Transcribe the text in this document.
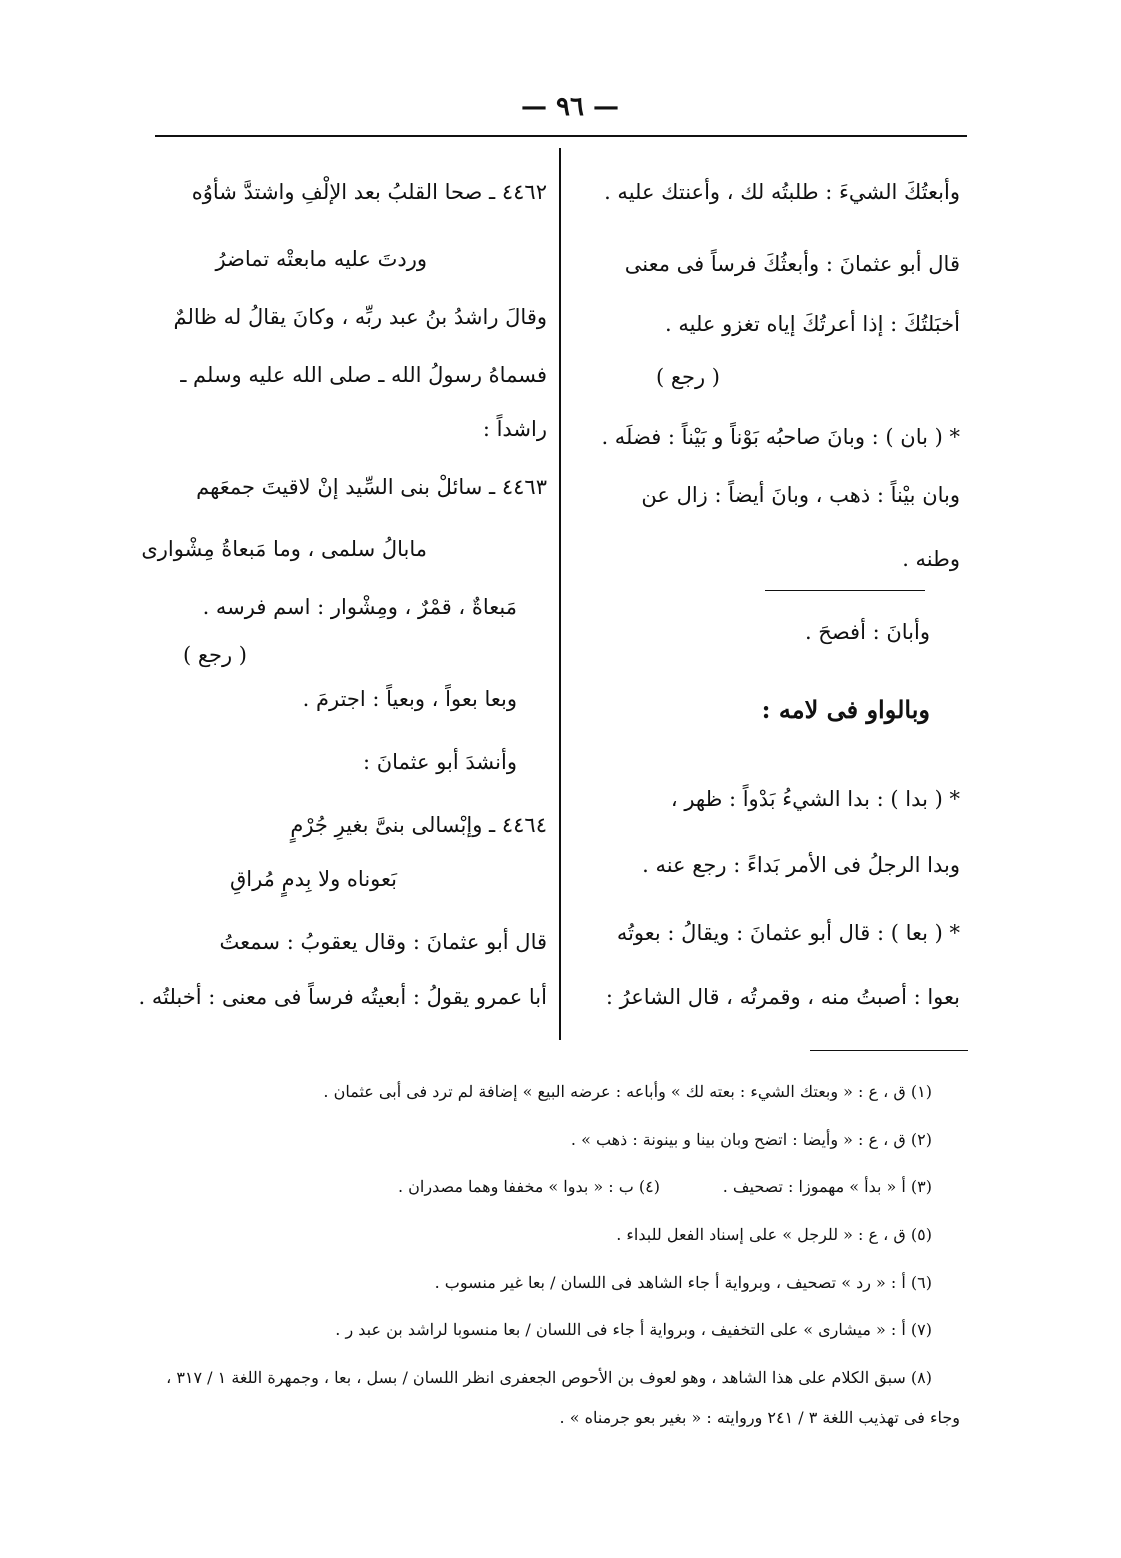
— ٩٦ —
وأبعتُكَ الشيءَ : طلبتُه لك ، وأعنتك عليه .
قال أبو عثمانَ : وأبعثُكَ فرساً فى معنى
أخبَلتُكَ : إذا أعرتُكَ إياه تغزو عليه .
( رجع )
* ( بان ) : وبانَ صاحبُه بَوْناً و بَيْناً : فضلَه .
وبان بيْناً : ذهب ، وبانَ أيضاً : زال عن
وطنه .
وأبانَ : أفصحَ .
وبالواو فى لامه :
* ( بدا ) : بدا الشيءُ بَدْواً : ظهر ،
وبدا الرجلُ فى الأمر بَداءً : رجع عنه .
* ( بعا ) : قال أبو عثمانَ : ويقالُ : بعوتُه
بعوا : أصبتُ منه ، وقمرتُه ، قال الشاعرُ :
٤٤٦٢ ـ صحا القلبُ بعد الإلْفِ واشتدَّ شأوُه
وردتَ عليه مابعتْه تماضرُ
وقالَ راشدُ بنُ عبد ربِّه ، وكانَ يقالُ له ظالمٌ
فسماهُ رسولُ الله ـ صلى الله عليه وسلم ـ
راشداً :
٤٤٦٣ ـ سائلْ بنى السِّيد إنْ لاقيتَ جمعَهم
مابالُ سلمى ، وما مَبعاةُ مِشْوارى
مَبعاةٌ ، قمْرٌ ، ومِشْوار : اسم فرسه .
( رجع )
وبعا بعواً ، وبعياً : اجترمَ .
وأنشدَ أبو عثمانَ :
٤٤٦٤ ـ وإبْسالى بنىَّ بغيرِ جُرْمٍ
بَعوناه ولا بِدمٍ مُراقِ
قال أبو عثمانَ : وقال يعقوبُ : سمعتُ
أبا عمرو يقولُ : أبعيتُه فرساً فى معنى : أخبلتُه .
(١) ق ، ع : « وبعتك الشيء : بعته لك » وأباعه : عرضه البيع » إضافة لم ترد فى أبى عثمان .
(٢) ق ، ع : « وأيضا : اتضح وبان بينا و بينونة : ذهب » .
(٤) ب : « بدوا » مخففا وهما مصدران .	(٣) أ « بدأ » مهموزا : تصحيف .
(٥) ق ، ع : « للرجل » على إسناد الفعل للبداء .
(٦) أ : « رد » تصحيف ، وبرواية أ جاء الشاهد فى اللسان / بعا غير منسوب .
(٧) أ : « ميشارى » على التخفيف ، وبرواية أ جاء فى اللسان / بعا منسوبا لراشد بن عبد ر .
(٨) سبق الكلام على هذا الشاهد ، وهو لعوف بن الأحوص الجعفرى انظر اللسان / بسل ، بعا ، وجمهرة اللغة ١ / ٣١٧ ،
وجاء فى تهذيب اللغة ٣ / ٢٤١ وروايته : « بغير بعو جرمناه » .
